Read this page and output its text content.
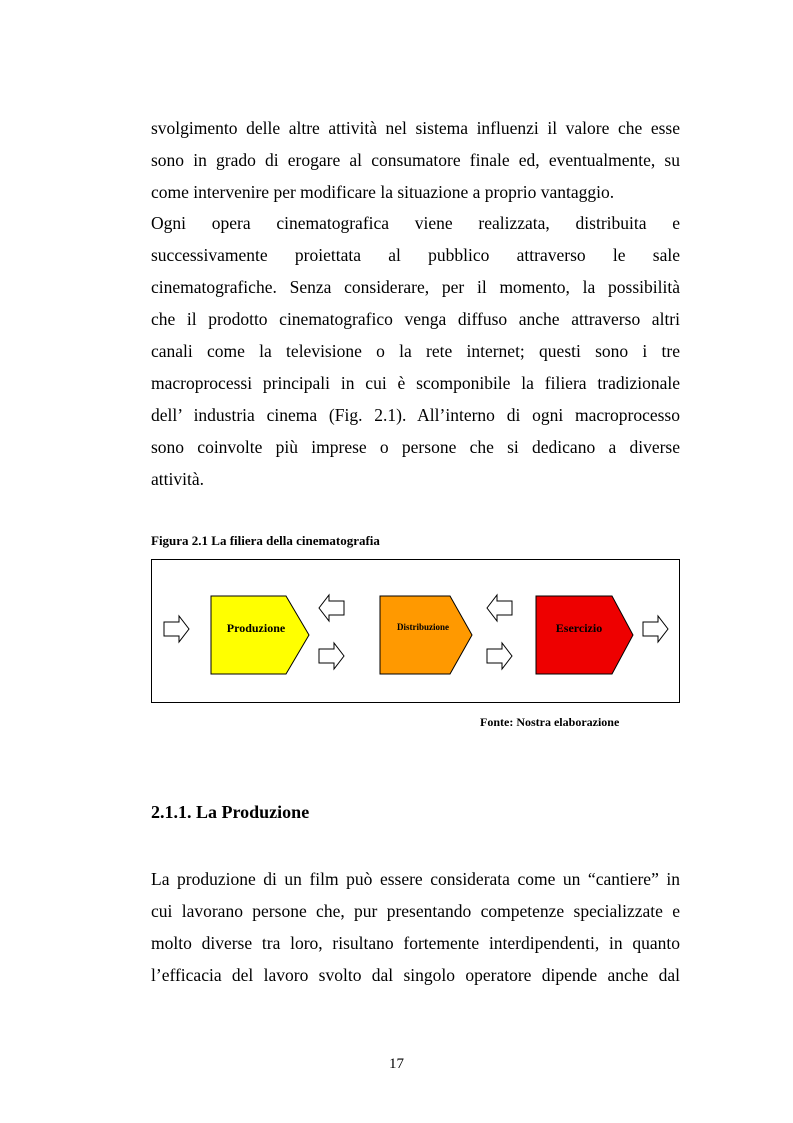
svolgimento delle altre attività nel sistema influenzi il valore che esse
sono in grado di erogare al consumatore finale ed, eventualmente, su
come intervenire per modificare la situazione a proprio vantaggio.
Ogni opera cinematografica viene realizzata, distribuita e
successivamente proiettata al pubblico attraverso le sale
cinematografiche. Senza considerare, per il momento, la possibilità
che il prodotto cinematografico venga diffuso anche attraverso altri
canali come la televisione o la rete internet; questi sono i tre
macroprocessi principali in cui è scomponibile la filiera tradizionale
dell’ industria cinema (Fig. 2.1). All’interno di ogni macroprocesso
sono coinvolte più imprese o persone che si dedicano a diverse
attività.
Figura 2.1 La filiera della cinematografia
Produzione	Distribuzione	Esercizio
Fonte: Nostra elaborazione
2.1.1. La Produzione
La produzione di un film può essere considerata come un “cantiere” in
cui lavorano persone che, pur presentando competenze specializzate e
molto diverse tra loro, risultano fortemente interdipendenti, in quanto
l’efficacia del lavoro svolto dal singolo operatore dipende anche dal
17
